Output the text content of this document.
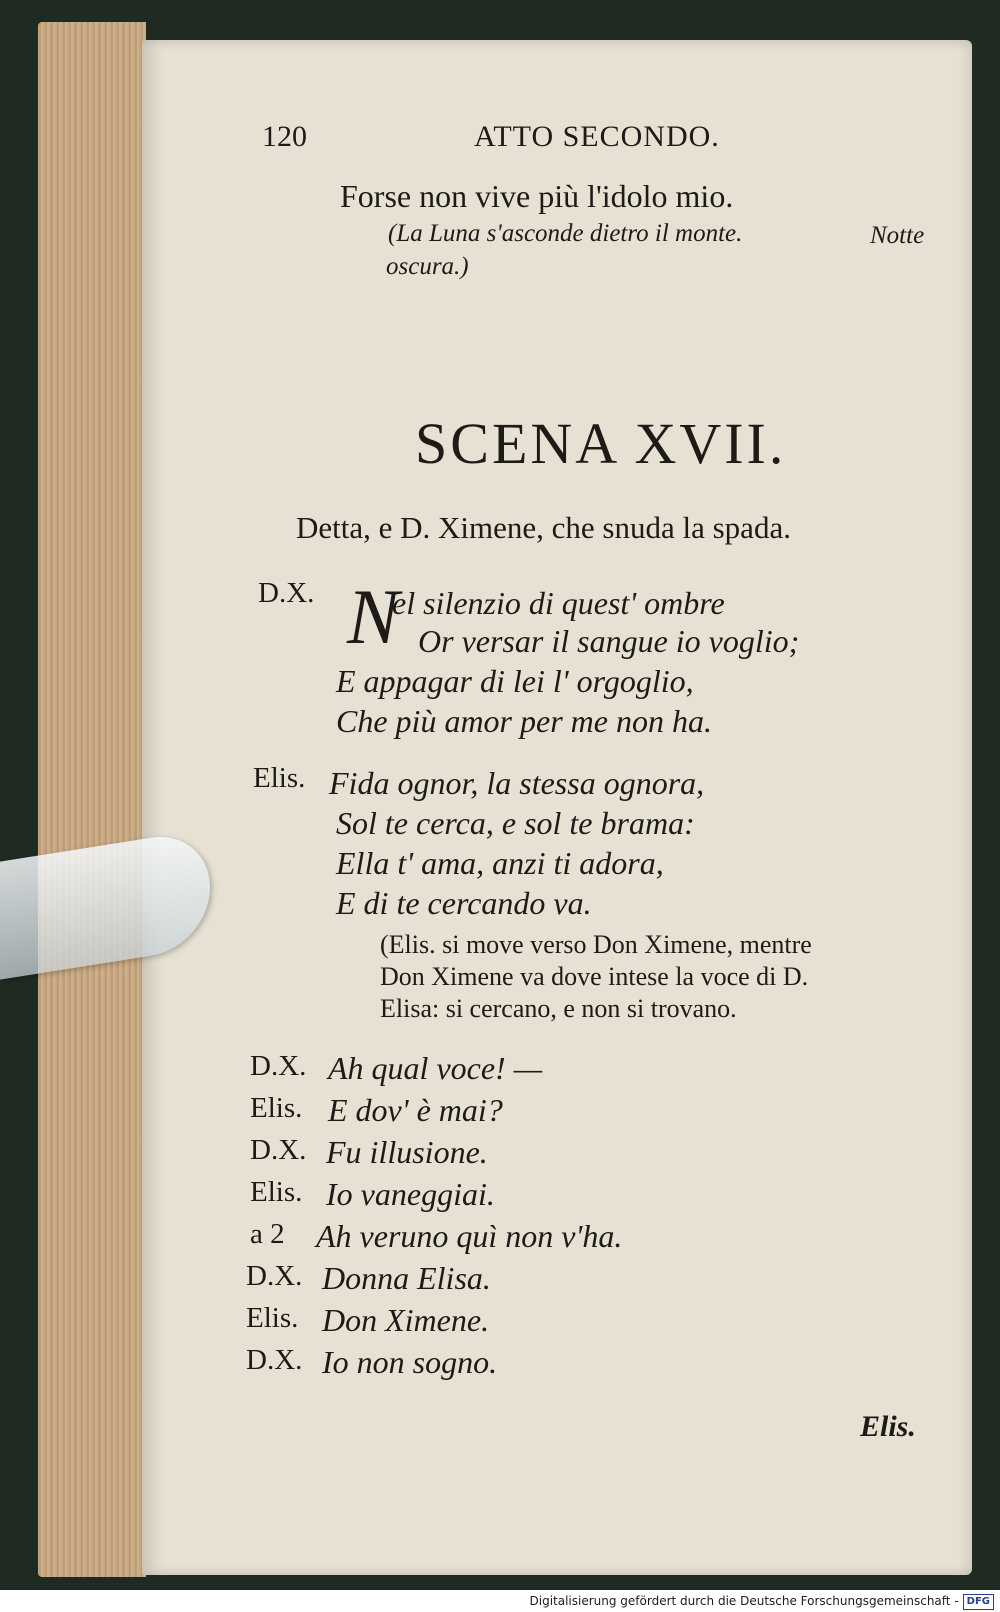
120	ATTO SECONDO.
Forse non vive più l'idolo mio.
(La Luna s'asconde dietro il monte.	Notte
oscura.)
SCENA XVII.
Detta, e D. Ximene, che snuda la spada.
D.X. N
el silenzio di quest' ombre
Or versar il sangue io voglio;
E appagar di lei l' orgoglio,
Che più amor per me non ha.
Elis. Fida ognor, la stessa ognora,
Sol te cerca, e sol te brama:
Ella t' ama, anzi ti adora,
E di te cercando va.
(Elis. si move verso Don Ximene, mentre
Don Ximene va dove intese la voce di D.
Elisa: si cercano, e non si trovano.
D.X. Ah qual voce! —
Elis. E dov' è mai?
D.X. Fu illusione.
Elis. Io vaneggiai.
a 2 Ah veruno quì non v'ha.
D.X. Donna Elisa.
Elis. Don Ximene.
D.X. Io non sogno.
Elis.
Digitalisierung gefördert durch die Deutsche Forschungsgemeinschaft - DFG
